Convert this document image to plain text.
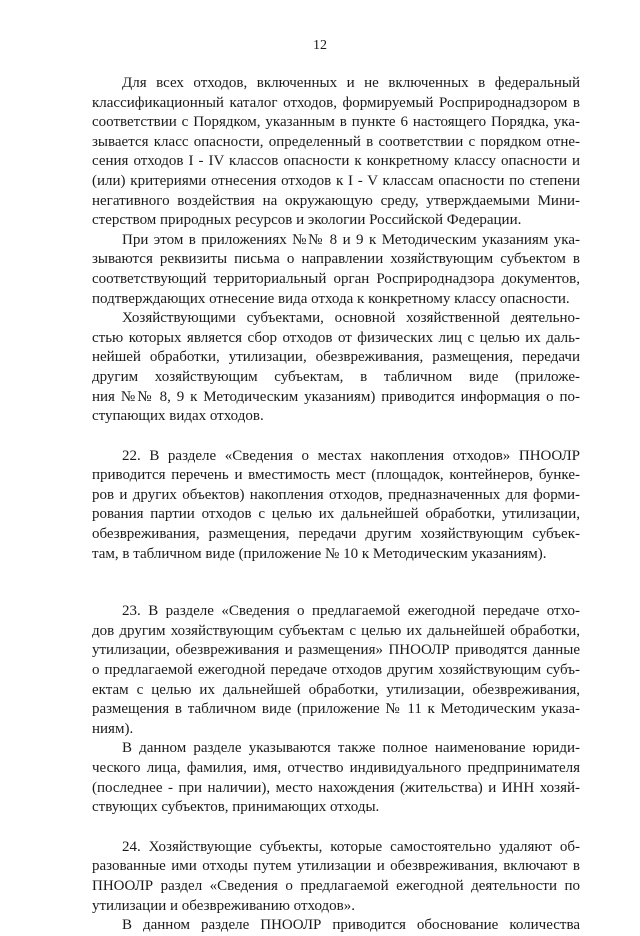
12
Для всех отходов, включенных и не включенных в федеральный
классификационный каталог отходов, формируемый Росприроднадзором в
соответствии с Порядком, указанным в пункте 6 настоящего Порядка, ука-
зывается класс опасности, определенный в соответствии с порядком отне-
сения отходов I - IV классов опасности к конкретному классу опасности и
(или) критериями отнесения отходов к I - V классам опасности по степени
негативного воздействия на окружающую среду, утверждаемыми Мини-
стерством природных ресурсов и экологии Российской Федерации.
При этом в приложениях №№ 8 и 9 к Методическим указаниям ука-
зываются реквизиты письма о направлении хозяйствующим субъектом в
соответствующий территориальный орган Росприроднадзора документов,
подтверждающих отнесение вида отхода к конкретному классу опасности.
Хозяйствующими субъектами, основной хозяйственной деятельно-
стью которых является сбор отходов от физических лиц с целью их даль-
нейшей обработки, утилизации, обезвреживания, размещения, передачи
другим хозяйствующим субъектам, в табличном виде (приложе-
ния №№ 8, 9 к Методическим указаниям) приводится информация о по-
ступающих видах отходов.
22. В разделе «Сведения о местах накопления отходов» ПНООЛР
приводится перечень и вместимость мест (площадок, контейнеров, бунке-
ров и других объектов) накопления отходов, предназначенных для форми-
рования партии отходов с целью их дальнейшей обработки, утилизации,
обезвреживания, размещения, передачи другим хозяйствующим субъек-
там, в табличном виде (приложение № 10 к Методическим указаниям).
23. В разделе «Сведения о предлагаемой ежегодной передаче отхо-
дов другим хозяйствующим субъектам с целью их дальнейшей обработки,
утилизации, обезвреживания и размещения» ПНООЛР приводятся данные
о предлагаемой ежегодной передаче отходов другим хозяйствующим субъ-
ектам с целью их дальнейшей обработки, утилизации, обезвреживания,
размещения в табличном виде (приложение № 11 к Методическим указа-
ниям).
В данном разделе указываются также полное наименование юриди-
ческого лица, фамилия, имя, отчество индивидуального предпринимателя
(последнее - при наличии), место нахождения (жительства) и ИНН хозяй-
ствующих субъектов, принимающих отходы.
24. Хозяйствующие субъекты, которые самостоятельно удаляют об-
разованные ими отходы путем утилизации и обезвреживания, включают в
ПНООЛР раздел «Сведения о предлагаемой ежегодной деятельности по
утилизации и обезвреживанию отходов».
В данном разделе ПНООЛР приводится обоснование количества
